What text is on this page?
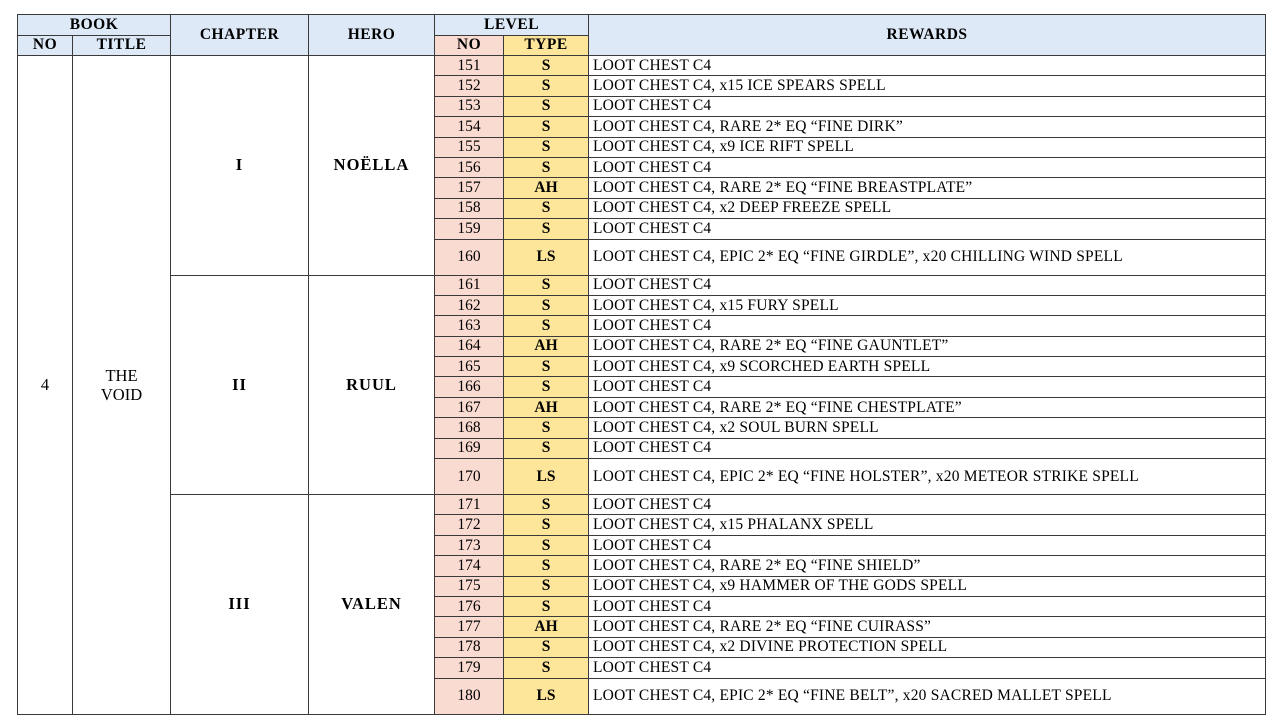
BOOK		CHAPTER	HERO	LEVEL		REWARDS
NO	TITLE			NO	TYPE	
4	THE VOID	I	NOËLLA	151	S	LOOT CHEST C4
				152	S	LOOT CHEST C4, x15 ICE SPEARS SPELL
				153	S	LOOT CHEST C4
				154	S	LOOT CHEST C4, RARE 2* EQ “FINE DIRK”
				155	S	LOOT CHEST C4, x9 ICE RIFT SPELL
				156	S	LOOT CHEST C4
				157	AH	LOOT CHEST C4, RARE 2* EQ “FINE BREASTPLATE”
				158	S	LOOT CHEST C4, x2 DEEP FREEZE SPELL
				159	S	LOOT CHEST C4
				160	LS	LOOT CHEST C4, EPIC 2* EQ “FINE GIRDLE”, x20 CHILLING WIND SPELL
		II	RUUL	161	S	LOOT CHEST C4
				162	S	LOOT CHEST C4, x15 FURY SPELL
				163	S	LOOT CHEST C4
				164	AH	LOOT CHEST C4, RARE 2* EQ “FINE GAUNTLET”
				165	S	LOOT CHEST C4, x9 SCORCHED EARTH SPELL
				166	S	LOOT CHEST C4
				167	AH	LOOT CHEST C4, RARE 2* EQ “FINE CHESTPLATE”
				168	S	LOOT CHEST C4, x2 SOUL BURN SPELL
				169	S	LOOT CHEST C4
				170	LS	LOOT CHEST C4, EPIC 2* EQ “FINE HOLSTER”, x20 METEOR STRIKE SPELL
		III	VALEN	171	S	LOOT CHEST C4
				172	S	LOOT CHEST C4, x15 PHALANX SPELL
				173	S	LOOT CHEST C4
				174	S	LOOT CHEST C4, RARE 2* EQ “FINE SHIELD”
				175	S	LOOT CHEST C4, x9 HAMMER OF THE GODS SPELL
				176	S	LOOT CHEST C4
				177	AH	LOOT CHEST C4, RARE 2* EQ “FINE CUIRASS”
				178	S	LOOT CHEST C4, x2 DIVINE PROTECTION SPELL
				179	S	LOOT CHEST C4
				180	LS	LOOT CHEST C4, EPIC 2* EQ “FINE BELT”, x20 SACRED MALLET SPELL
